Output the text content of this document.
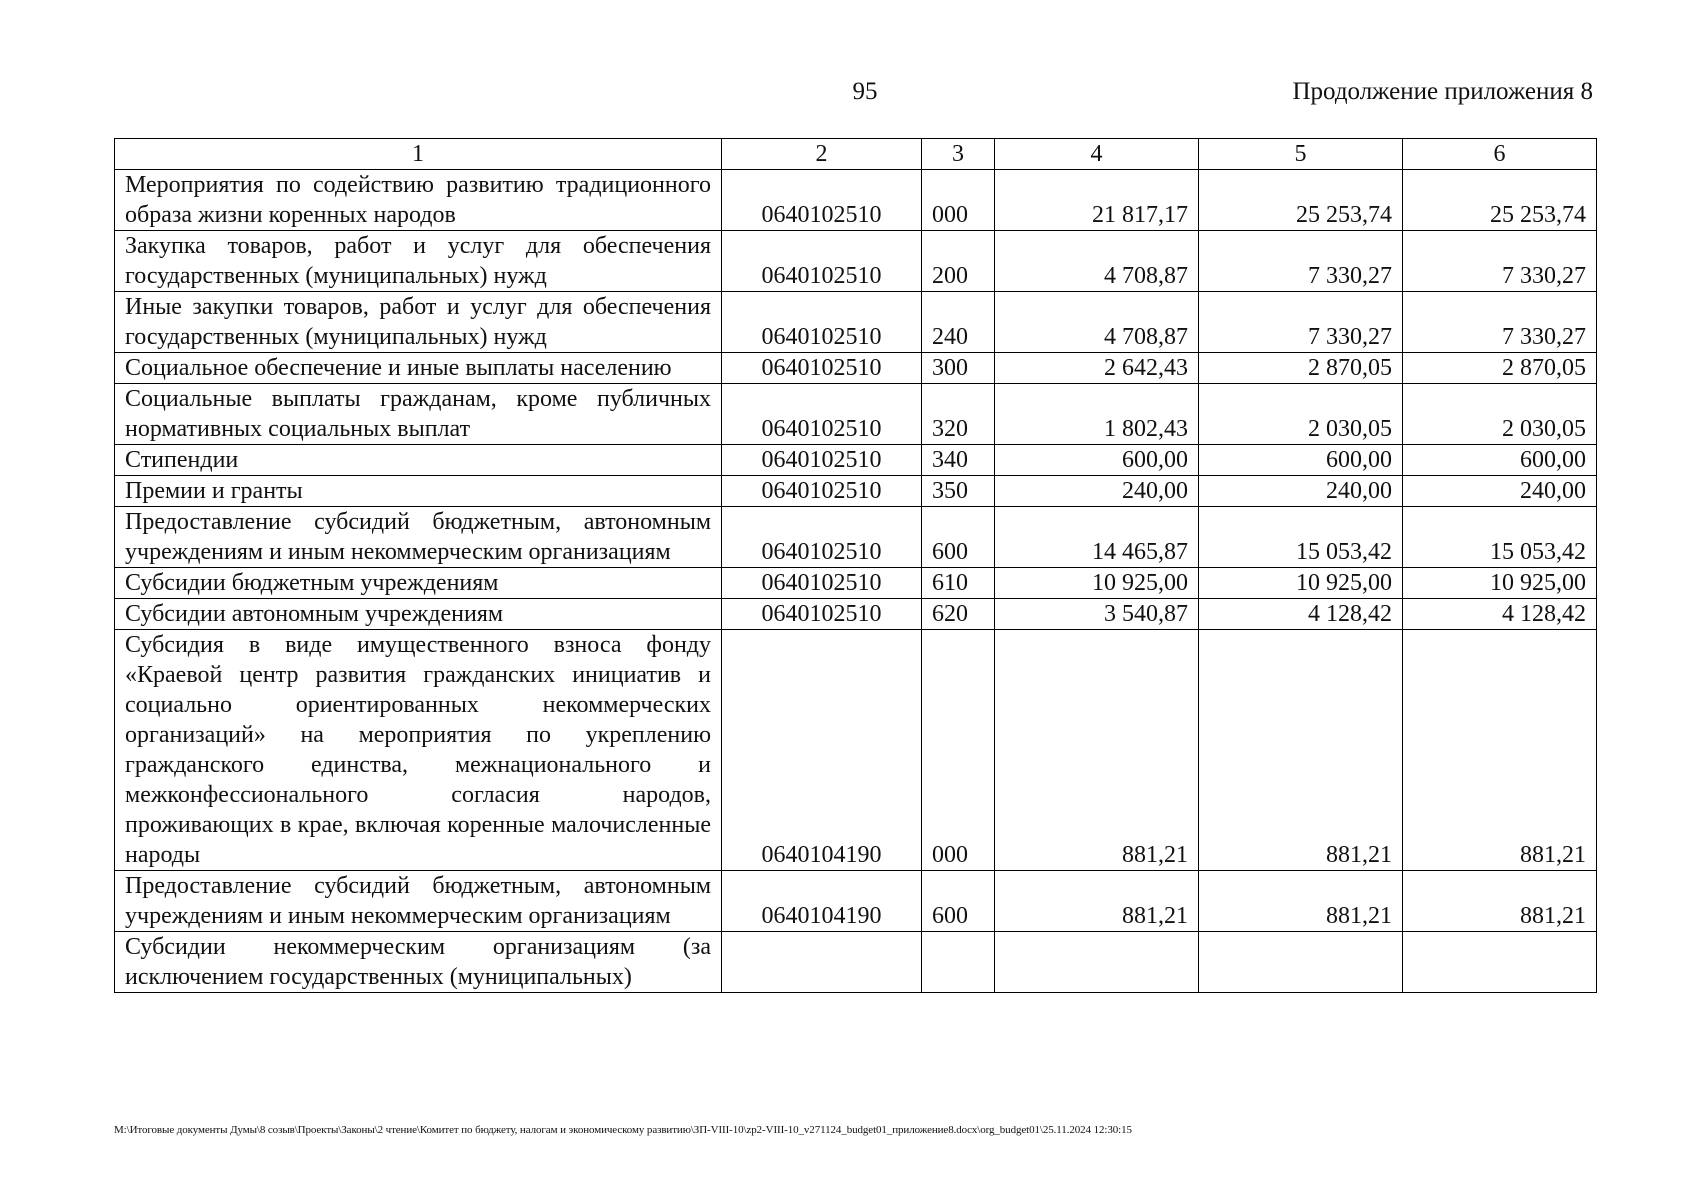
95	Продолжение приложения 8
1	2	3	4	5	6
Мероприятия по содействию развитию традиционного образа жизни коренных народов	0640102510	000	21 817,17	25 253,74	25 253,74
Закупка товаров, работ и услуг для обеспечения государственных (муниципальных) нужд	0640102510	200	4 708,87	7 330,27	7 330,27
Иные закупки товаров, работ и услуг для обеспечения государственных (муниципальных) нужд	0640102510	240	4 708,87	7 330,27	7 330,27
Социальное обеспечение и иные выплаты населению	0640102510	300	2 642,43	2 870,05	2 870,05
Социальные выплаты гражданам, кроме публичных нормативных социальных выплат	0640102510	320	1 802,43	2 030,05	2 030,05
Стипендии	0640102510	340	600,00	600,00	600,00
Премии и гранты	0640102510	350	240,00	240,00	240,00
Предоставление субсидий бюджетным, автономным учреждениям и иным некоммерческим организациям	0640102510	600	14 465,87	15 053,42	15 053,42
Субсидии бюджетным учреждениям	0640102510	610	10 925,00	10 925,00	10 925,00
Субсидии автономным учреждениям	0640102510	620	3 540,87	4 128,42	4 128,42
Субсидия в виде имущественного взноса фонду «Краевой центр развития гражданских инициатив и социально ориентированных некоммерческих организаций» на мероприятия по укреплению гражданского единства, межнационального и межконфессионального согласия народов, проживающих в крае, включая коренные малочисленные народы	0640104190	000	881,21	881,21	881,21
Предоставление субсидий бюджетным, автономным учреждениям и иным некоммерческим организациям	0640104190	600	881,21	881,21	881,21
Субсидии некоммерческим организациям (за исключением государственных (муниципальных)					
M:\Итоговые документы Думы\8 созыв\Проекты\Законы\2 чтение\Комитет по бюджету, налогам и экономическому развитию\ЗП-VIII-10\zp2-VIII-10_v271124_budget01_приложение8.docx\org_budget01\25.11.2024 12:30:15
